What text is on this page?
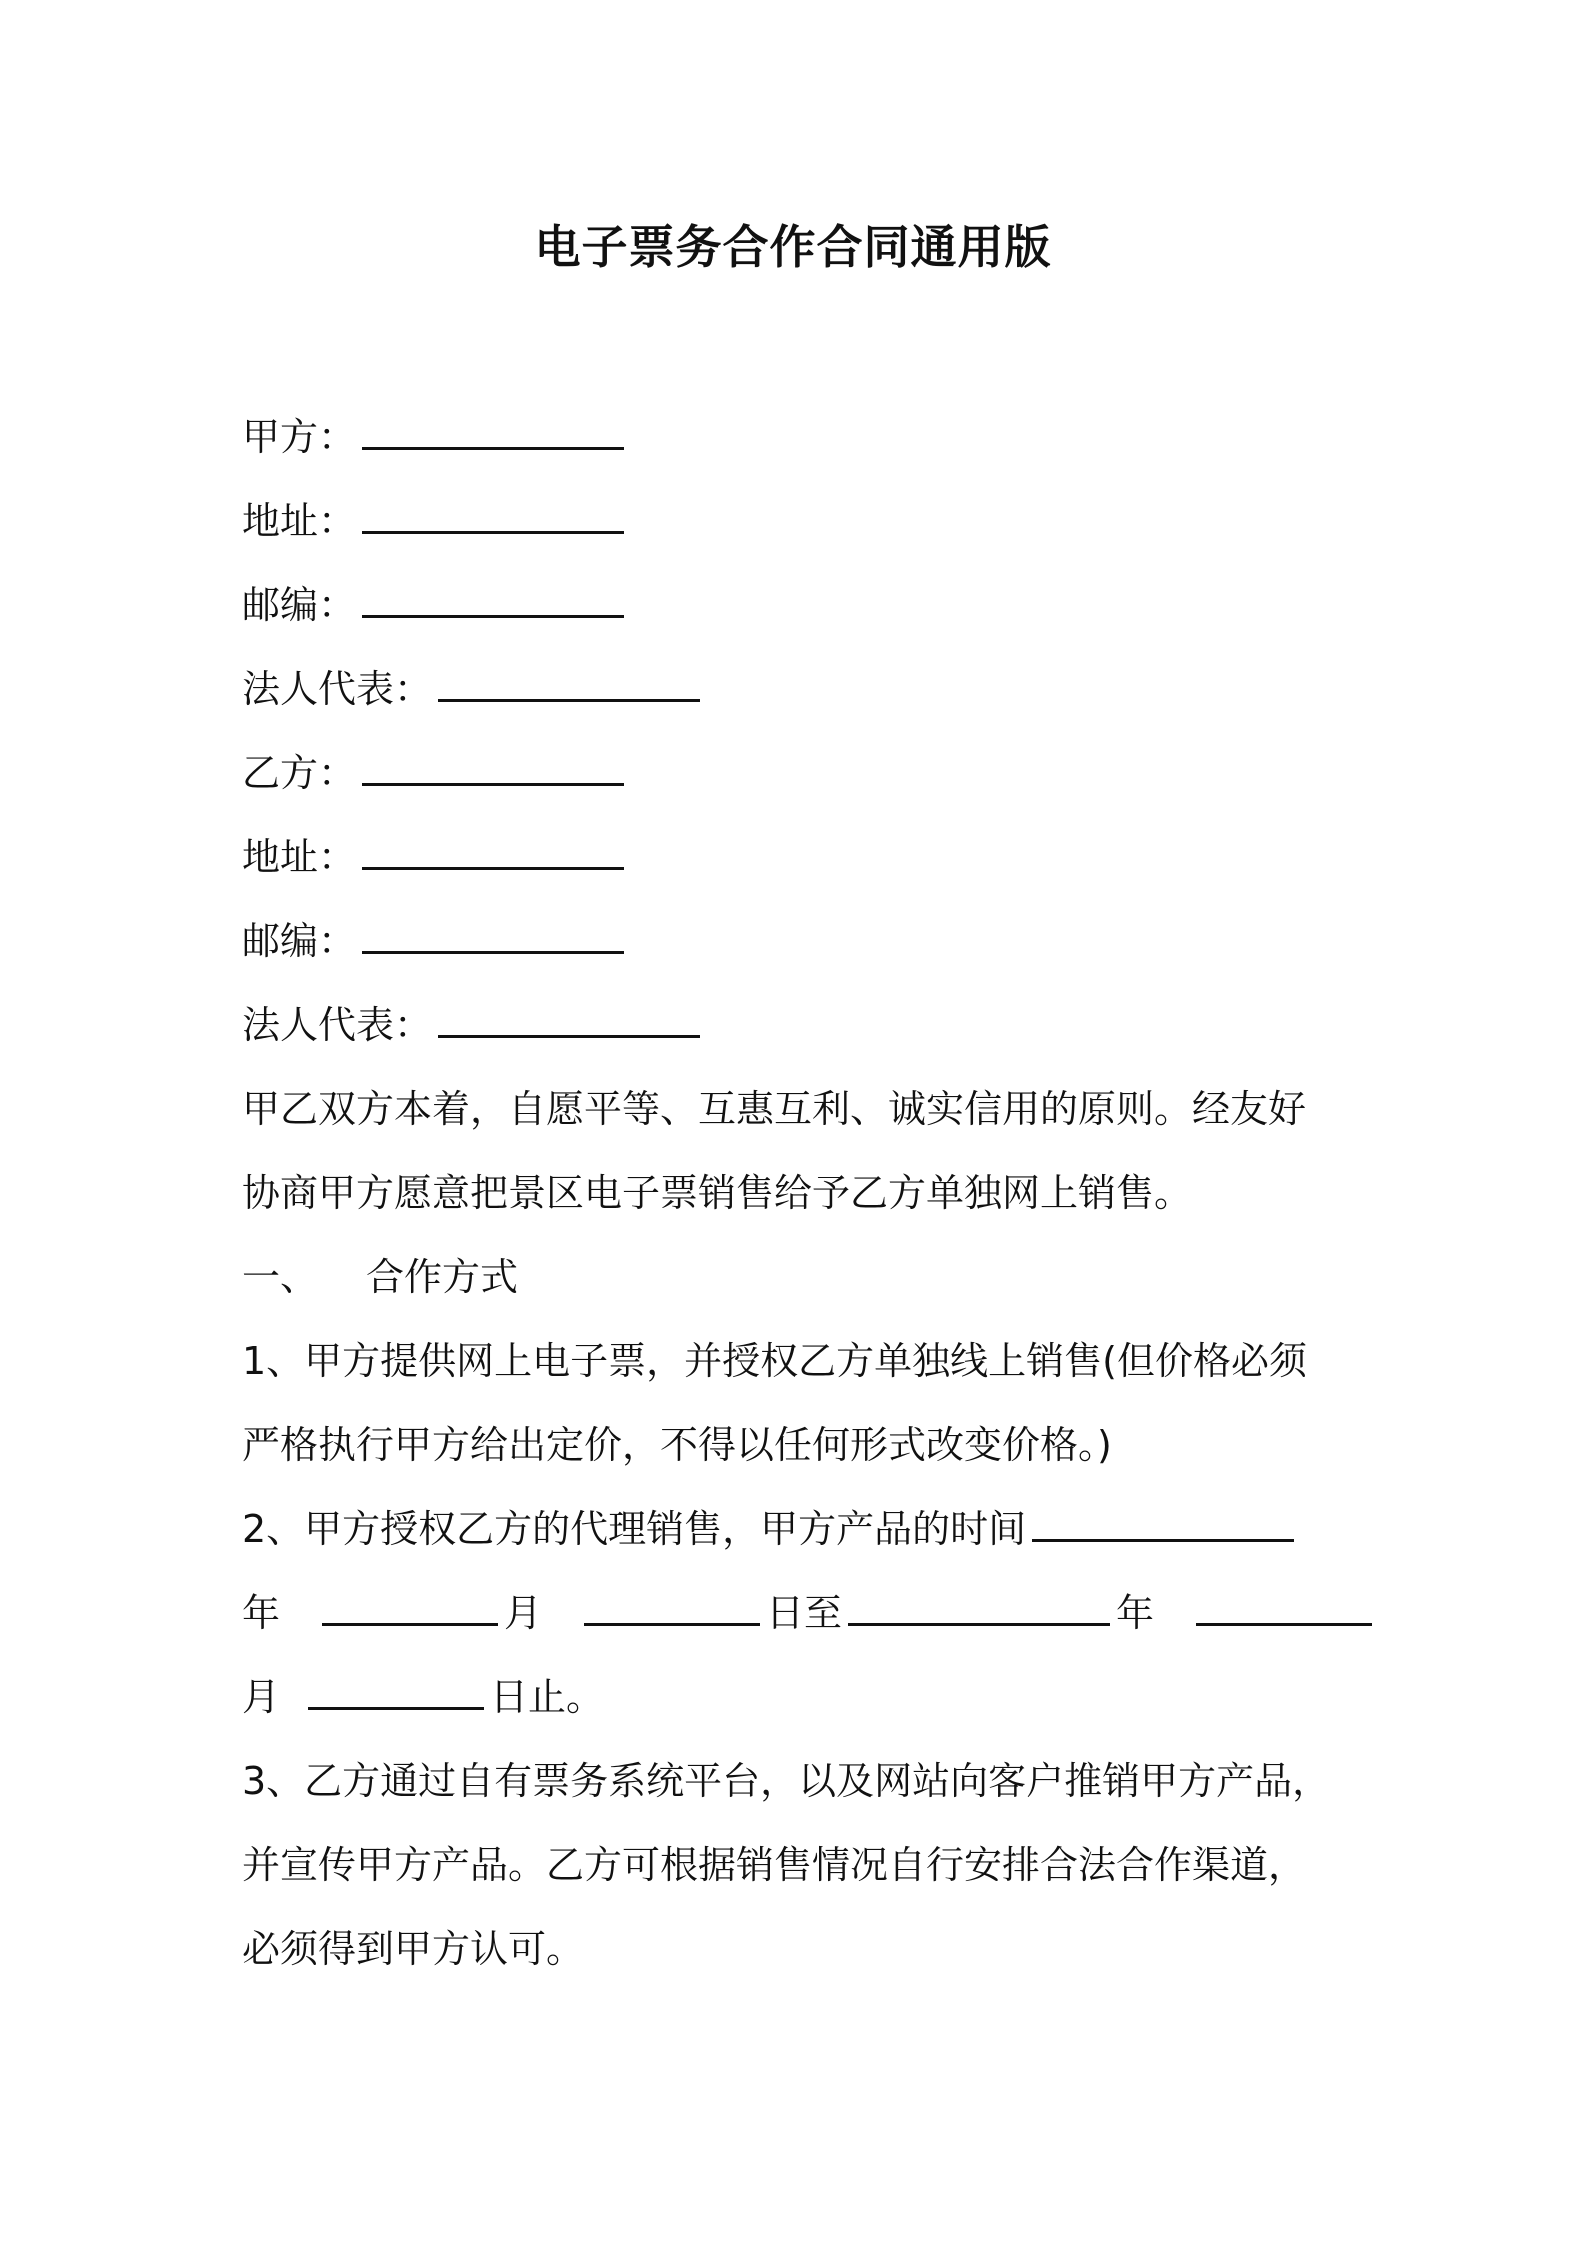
电子票务合作合同通用版
甲方：
地址：
邮编：
法人代表：
乙方：
地址：
邮编：
法人代表：
甲乙双方本着，自愿平等、互惠互利、诚实信用的原则。经友好
协商甲方愿意把景区电子票销售给予乙方单独网上销售。
一、 合作方式
1、甲方提供网上电子票，并授权乙方单独线上销售(但价格必须
严格执行甲方给出定价，不得以任何形式改变价格。)
2、甲方授权乙方的代理销售，甲方产品的时间
年	月	日至	年
月	日止。
3、乙方通过自有票务系统平台，以及网站向客户推销甲方产品，
并宣传甲方产品。乙方可根据销售情况自行安排合法合作渠道，
必须得到甲方认可。
